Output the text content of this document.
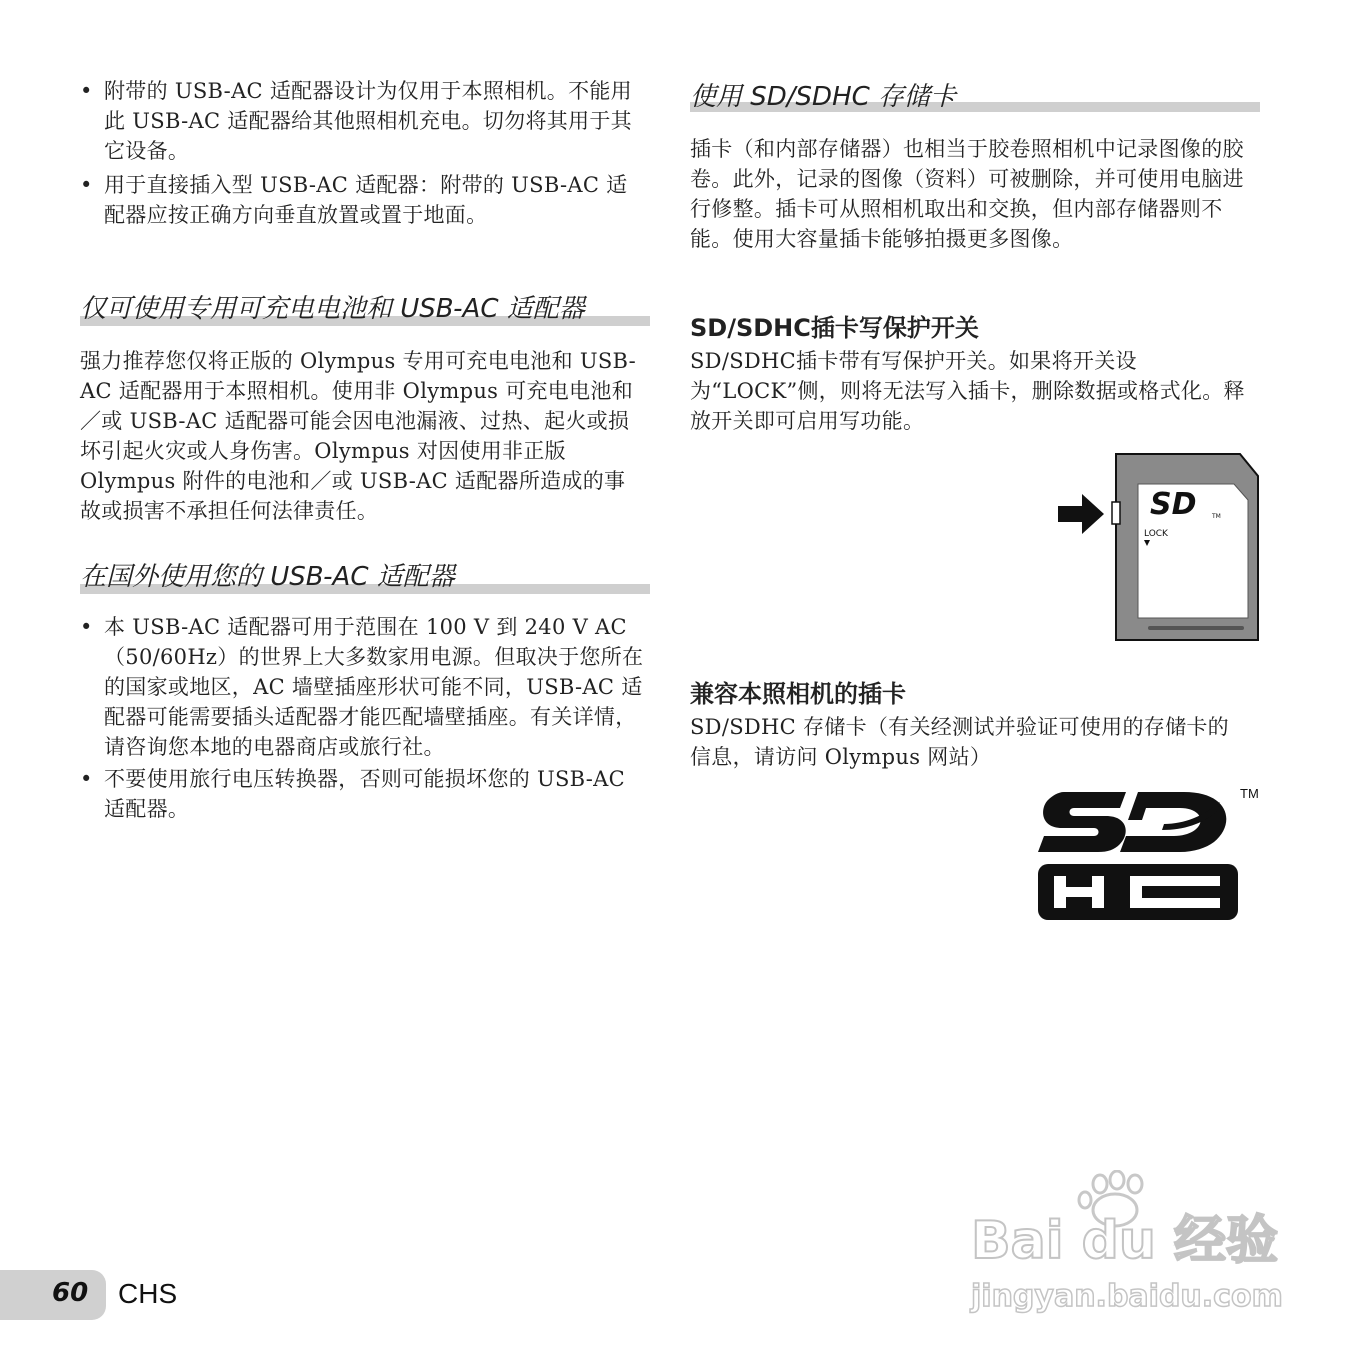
• 附带的 USB-AC 适配器设计为仅用于本照相机。不能用此 USB-AC 适配器给其他照相机充电。切勿将其用于其它设备。
• 用于直接插入型 USB-AC 适配器：附带的 USB-AC 适配器应按正确方向垂直放置或置于地面。
仅可使用专用可充电电池和 USB-AC 适配器

强力推荐您仅将正版的 Olympus 专用可充电电池和 USB-AC 适配器用于本照相机。使用非 Olympus 可充电电池和／或 USB-AC 适配器可能会因电池漏液、过热、起火或损坏引起火灾或人身伤害。Olympus 对因使用非正版 Olympus 附件的电池和／或 USB-AC 适配器所造成的事故或损害不承担任何法律责任。

在国外使用您的 USB-AC 适配器
• 本 USB-AC 适配器可用于范围在 100 V 到 240 V AC（50/60Hz）的世界上大多数家用电源。但取决于您所在的国家或地区，AC 墙壁插座形状可能不同，USB-AC 适配器可能需要插头适配器才能匹配墙壁插座。有关详情，请咨询您本地的电器商店或旅行社。
• 不要使用旅行电压转换器，否则可能损坏您的 USB-AC 适配器。
使用 SD/SDHC 存储卡

插卡（和内部存储器）也相当于胶卷照相机中记录图像的胶卷。此外，记录的图像（资料）可被删除，并可使用电脑进行修整。插卡可从照相机取出和交换，但内部存储器则不能。使用大容量插卡能够拍摄更多图像。

SD/SDHC插卡写保护开关

SD/SDHC插卡带有写保护开关。如果将开关设为“LOCK”侧，则将无法写入插卡，删除数据或格式化。释放开关即可启用写功能。

SD	TM
LOCK
兼容本照相机的插卡

SD/SDHC 存储卡（有关经测试并验证可使用的存储卡的信息，请访问 Olympus 网站）

TM
60 CHS
Bai du 经验
jingyan.baidu.com
